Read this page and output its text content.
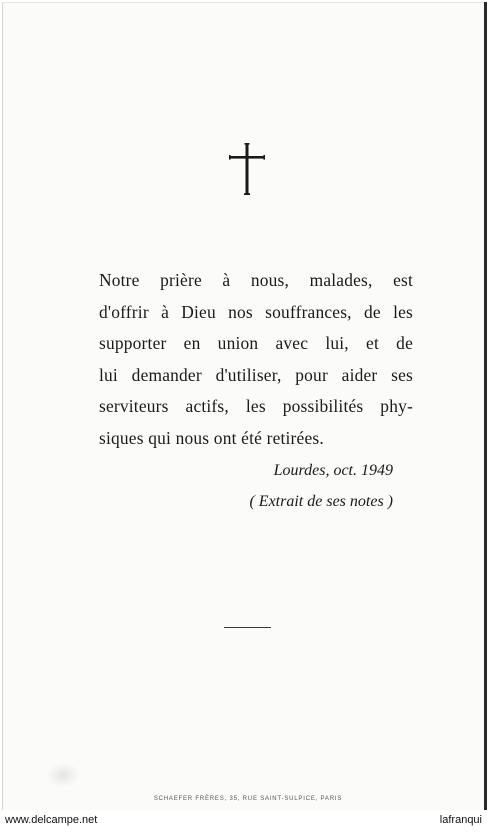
Notre prière à nous, malades, est
d'offrir à Dieu nos souffrances, de les
supporter en union avec lui, et de
lui demander d'utiliser, pour aider ses
serviteurs actifs, les possibilités phy-
siques qui nous ont été retirées.
Lourdes, oct. 1949
( Extrait de ses notes )
SCHAEFER FRÈRES, 35, RUE SAINT-SULPICE, PARIS
www.delcampe.net	lafranqui
